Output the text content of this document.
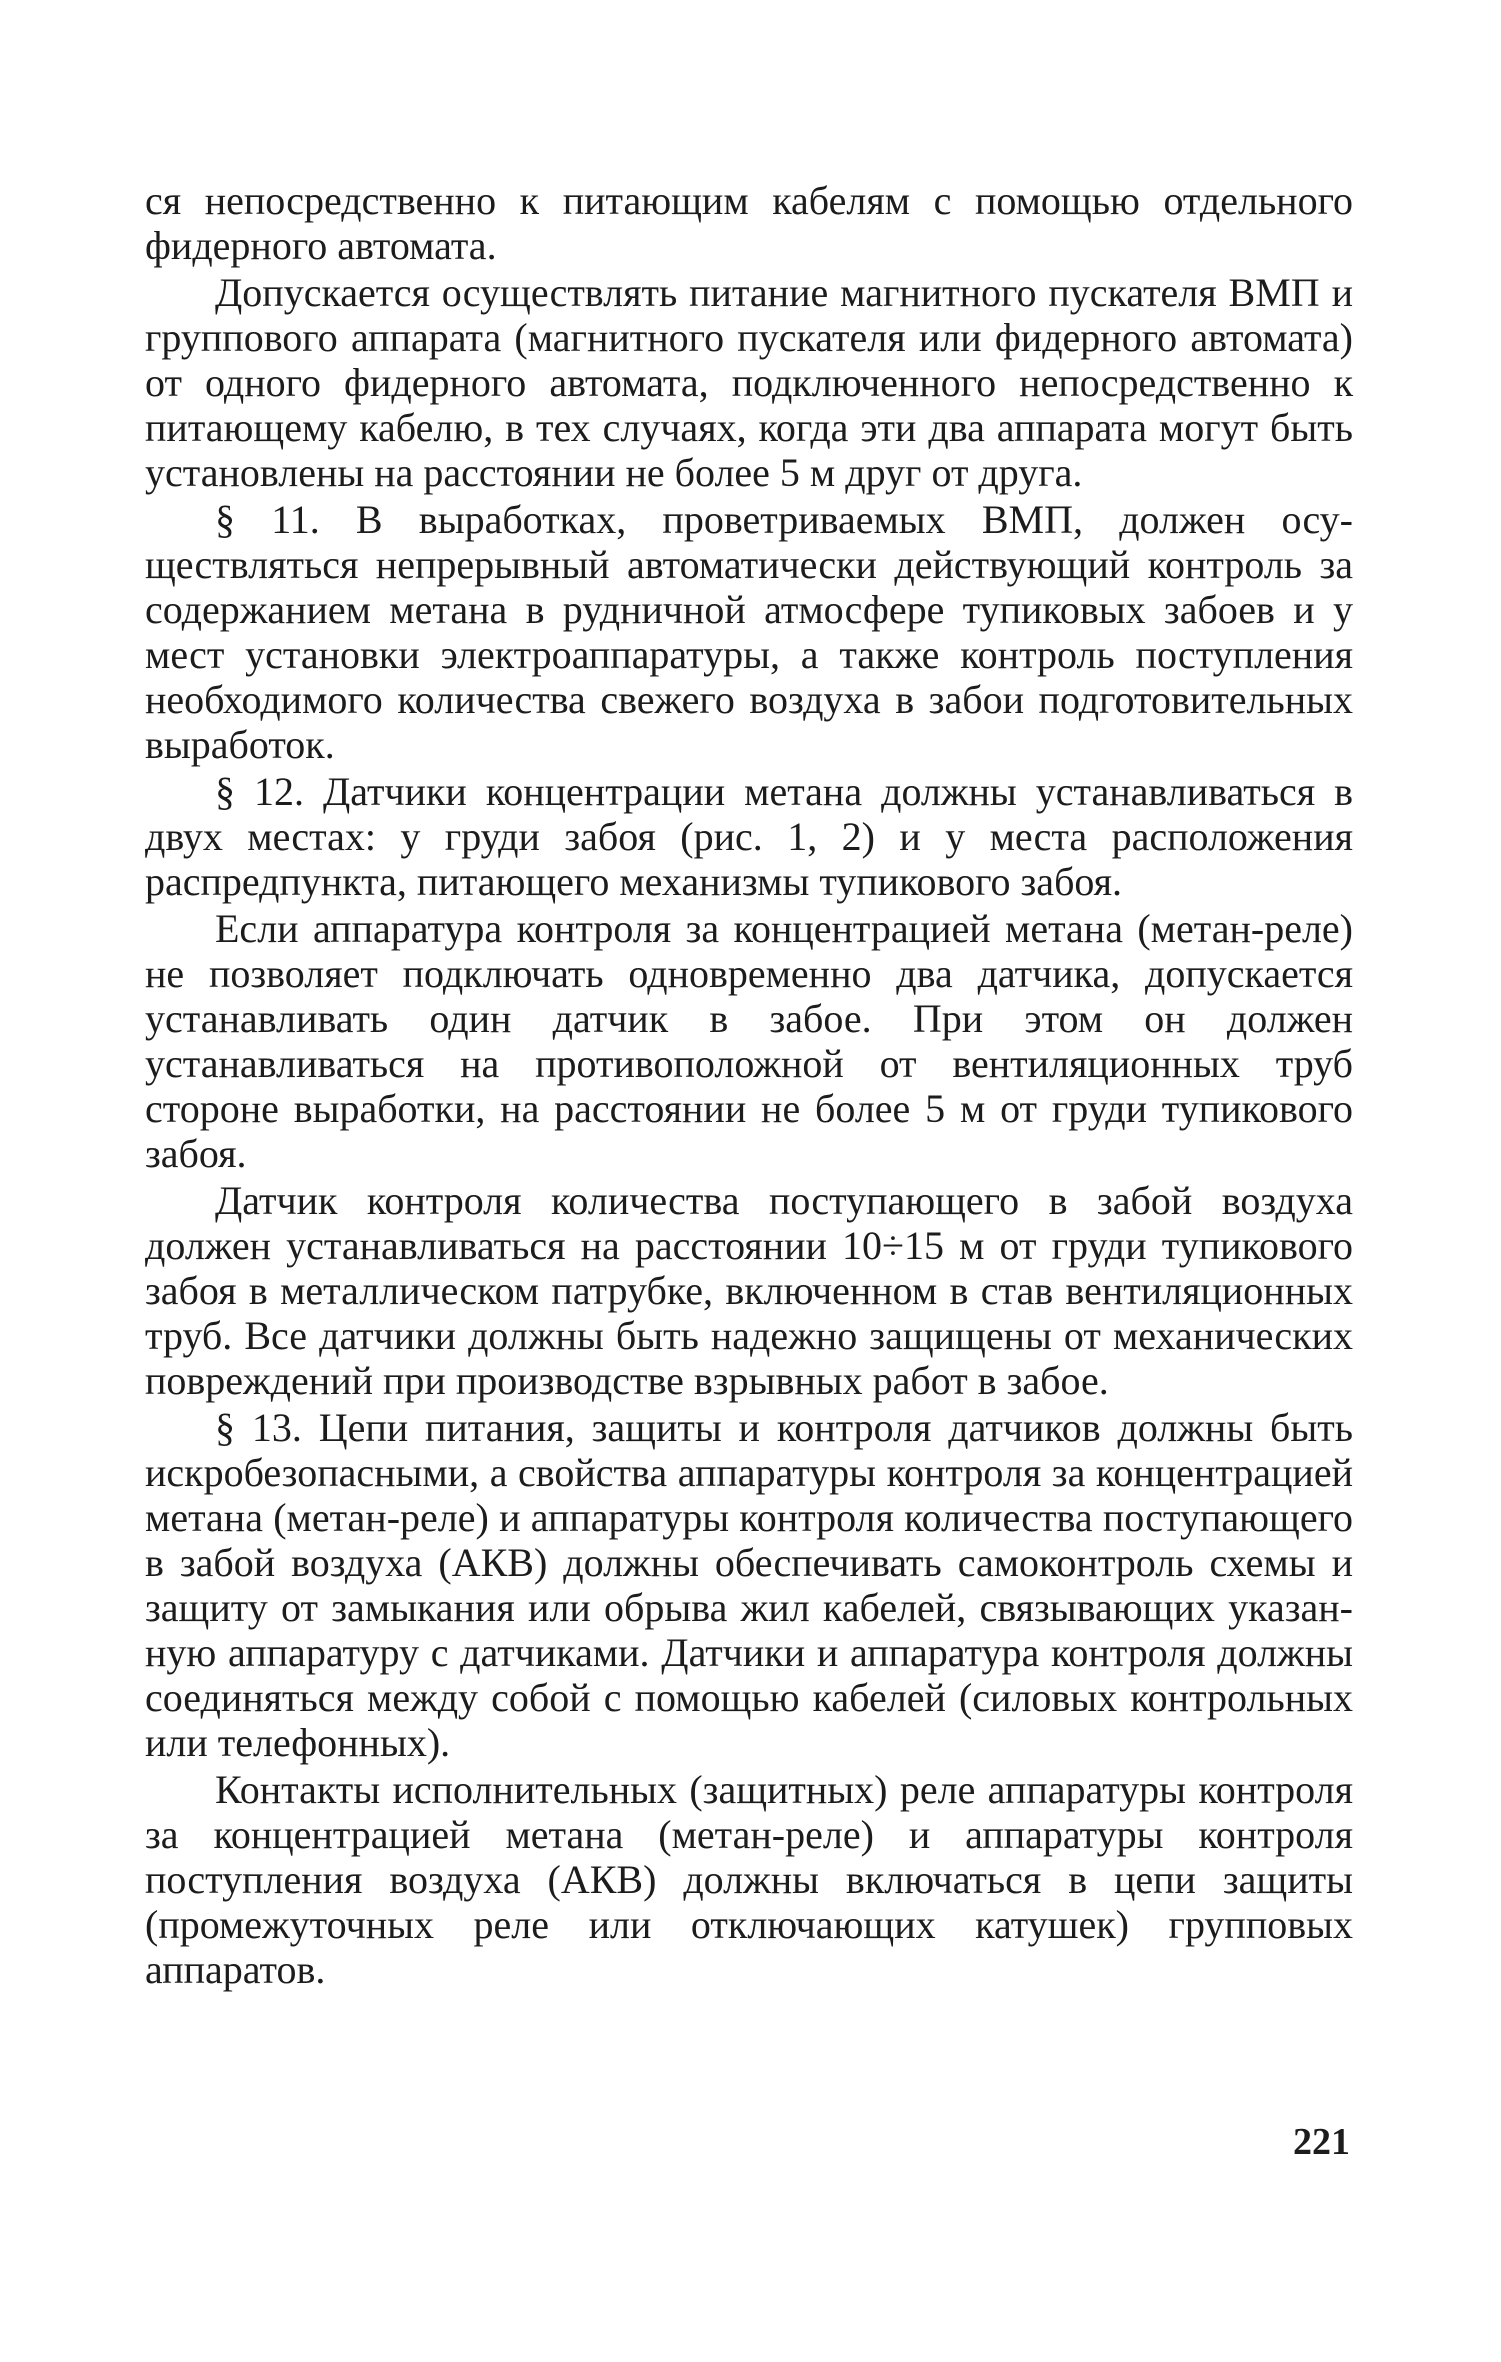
ся непосредственно к питающим кабелям с помощью отдельного фидерного автомата.

Допускается осуществлять питание магнитного пускателя ВМП и группового аппарата (магнитного пускателя или фидерного автомата) от одного фидерного автомата, подключенного непосредственно к питающему кабелю, в тех случаях, когда эти два аппарата могут быть установлены на расстоянии не более 5 м друг от друга.

§ 11. В выработках, проветриваемых ВМП, должен осуществляться непрерывный автоматически действующий контроль за содержанием метана в рудничной атмосфере тупиковых забоев и у мест установки электроаппаратуры, а также контроль поступления необходимого количества свежего воздуха в забои подготовительных выработок.

§ 12. Датчики концентрации метана должны устанавливаться в двух местах: у груди забоя (рис. 1, 2) и у места расположения распредпункта, питающего механизмы тупикового забоя.

Если аппаратура контроля за концентрацией метана (метан-реле) не позволяет подключать одновременно два датчика, допускается устанавливать один датчик в забое. При этом он должен устанавливаться на противоположной от вентиляционных труб стороне выработки, на расстоянии не более 5 м от груди тупикового забоя.

Датчик контроля количества поступающего в забой воздуха должен устанавливаться на расстоянии 10÷15 м от груди тупикового забоя в металлическом патрубке, включенном в став вентиляционных труб. Все датчики должны быть надежно защищены от механических повреждений при производстве взрывных работ в забое.

§ 13. Цепи питания, защиты и контроля датчиков должны быть искробезопасными, а свойства аппаратуры контроля за концентрацией метана (метан-реле) и аппаратуры контроля количества поступающего в забой воздуха (АКВ) должны обеспечивать самоконтроль схемы и защиту от замыкания или обрыва жил кабелей, связывающих указанную аппаратуру с датчиками. Датчики и аппаратура контроля должны соединяться между собой с помощью кабелей (силовых контрольных или телефонных).

Контакты исполнительных (защитных) реле аппаратуры контроля за концентрацией метана (метан-реле) и аппаратуры контроля поступления воздуха (АКВ) должны включаться в цепи защиты (промежуточных реле или отключающих катушек) групповых аппаратов.

221
